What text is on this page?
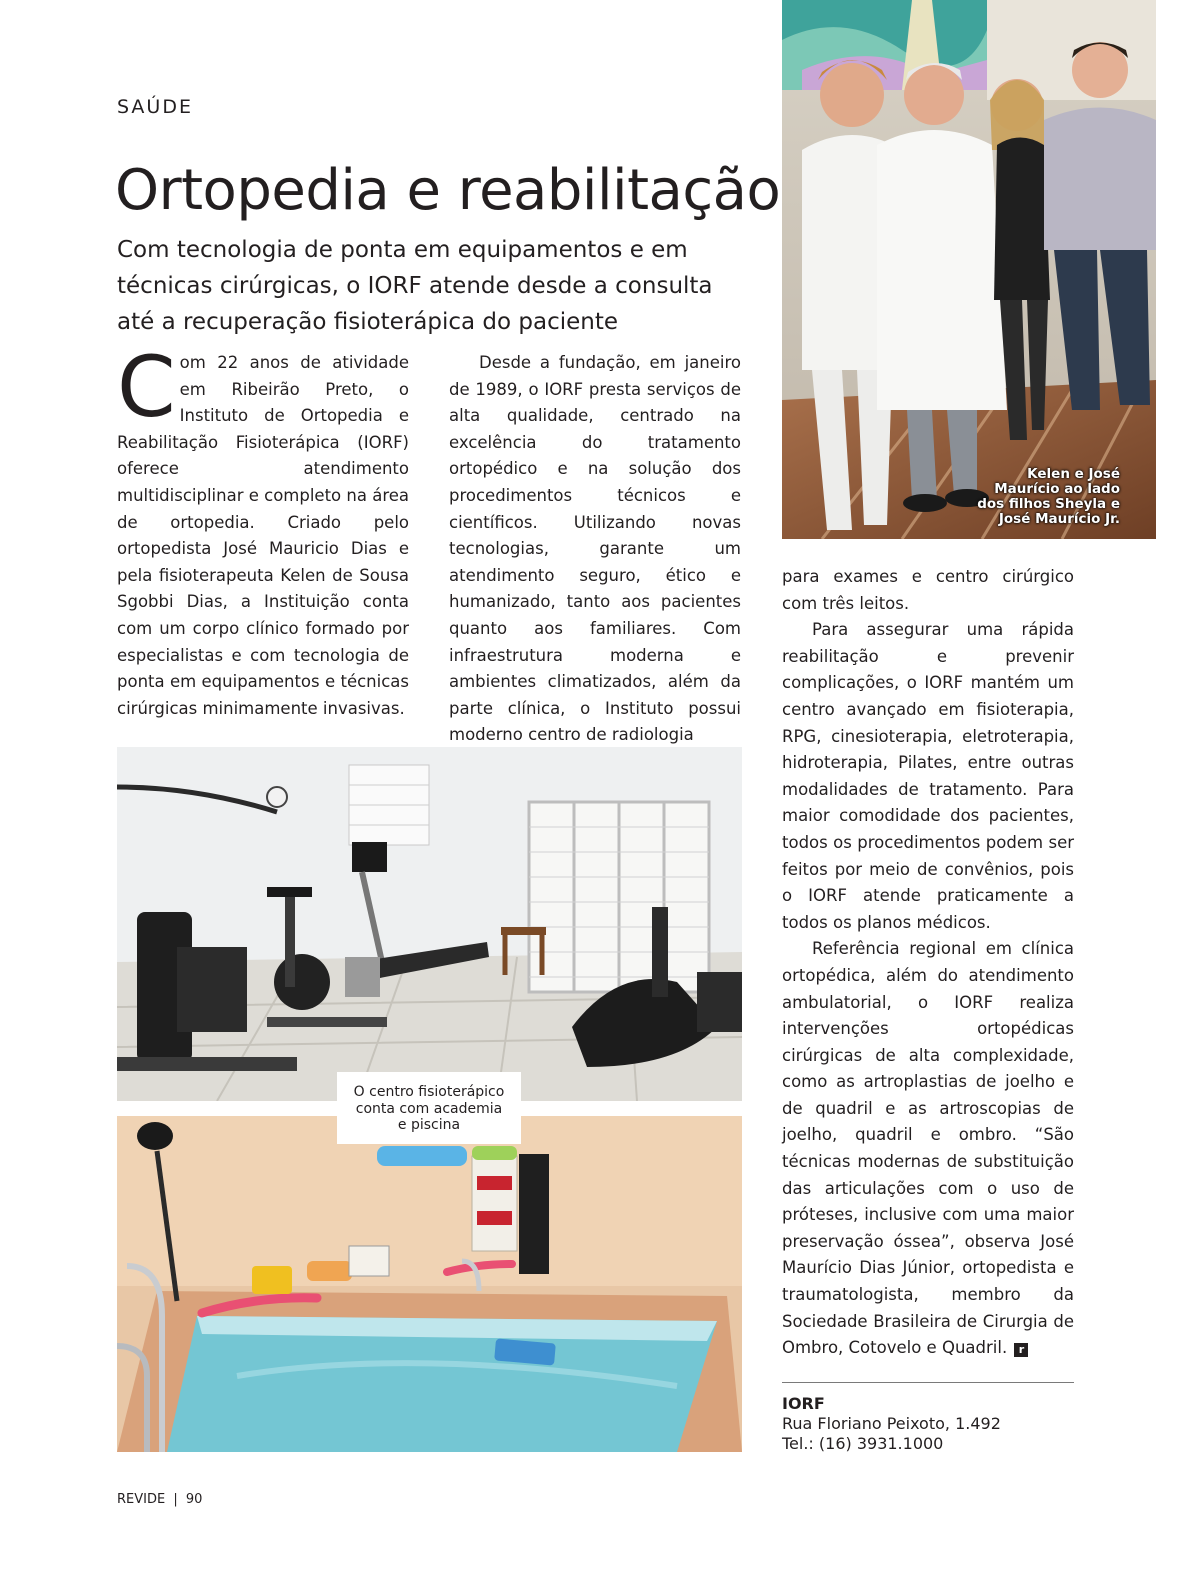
SAÚDE
Ortopedia e reabilitação
Com tecnologia de ponta em equipamentos e em técnicas cirúrgicas, o IORF atende desde a consulta até a recuperação fisioterápica do paciente

Com 22 anos de atividade em Ribeirão Preto, o Instituto de Ortopedia e Reabilitação Fisioterápica (IORF) oferece atendimento multidisciplinar e completo na área de ortopedia. Criado pelo ortopedista José Mauricio Dias e pela fisioterapeuta Kelen de Sousa Sgobbi Dias, a Instituição conta com um corpo clínico formado por especialistas e com tecnologia de ponta em equipamentos e técnicas cirúrgicas minimamente invasivas.

Desde a fundação, em janeiro de 1989, o IORF presta serviços de alta qualidade, centrado na excelência do tratamento ortopédico e na solução dos procedimentos técnicos e científicos. Utilizando novas tecnologias, garante um atendimento seguro, ético e humanizado, tanto aos pacientes quanto aos familiares. Com infraestrutura moderna e ambientes climatizados, além da parte clínica, o Instituto possui moderno centro de radiologia

para exames e centro cirúrgico com três leitos.

Para assegurar uma rápida reabilitação e prevenir complicações, o IORF mantém um centro avançado em fisioterapia, RPG, cinesioterapia, eletroterapia, hidroterapia, Pilates, entre outras modalidades de tratamento. Para maior comodidade dos pacientes, todos os procedimentos podem ser feitos por meio de convênios, pois o IORF atende praticamente a todos os planos médicos.

Referência regional em clínica ortopédica, além do atendimento ambulatorial, o IORF realiza intervenções ortopédicas cirúrgicas de alta complexidade, como as artroplastias de joelho e de quadril e as artroscopias de joelho, quadril e ombro. “São técnicas modernas de substituição das articulações com o uso de próteses, inclusive com uma maior preservação óssea”, observa José Maurício Dias Júnior, ortopedista e traumatologista, membro da Sociedade Brasileira de Cirurgia de Ombro, Cotovelo e Quadril. r

Kelen e José
Maurício ao lado
dos filhos Sheyla e
José Maurício Jr.
O centro fisioterápico
conta com academia
e piscina
IORF
Rua Floriano Peixoto, 1.492
Tel.: (16) 3931.1000
REVIDE | 90
